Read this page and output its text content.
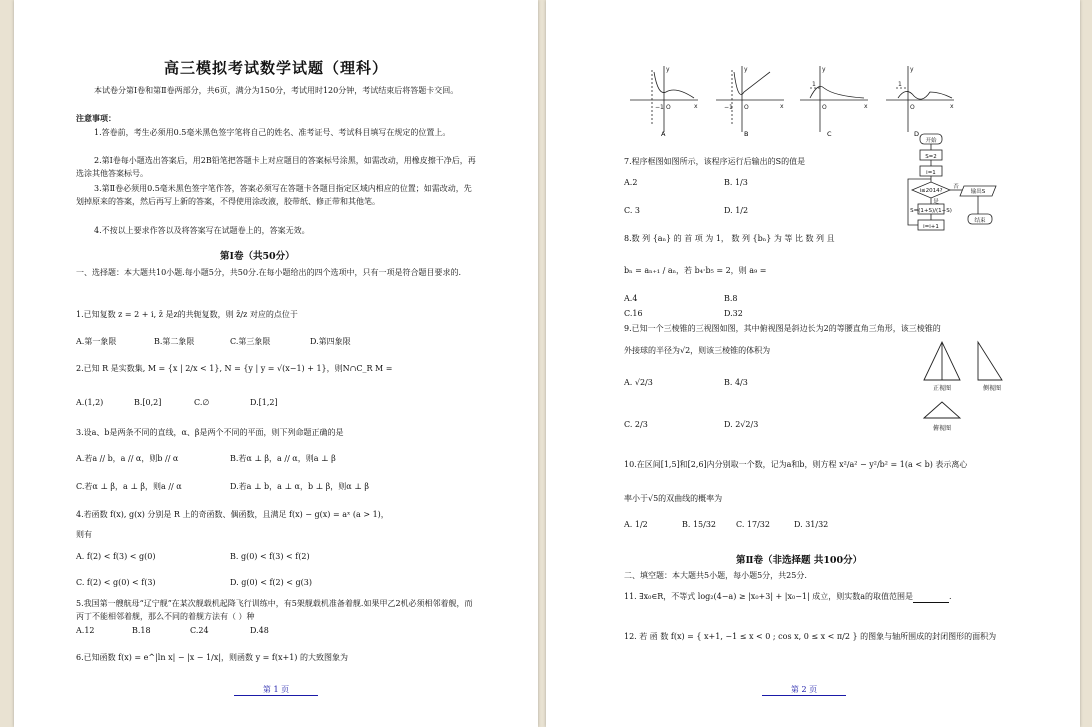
高三模拟考试数学试题（理科）
本试卷分第Ⅰ卷和第Ⅱ卷两部分，共6页，满分为150分，考试用时120分钟，考试结束后将答题卡交回。
注意事项：
1.答卷前，考生必须用0.5毫米黑色签字笔将自己的姓名、准考证号、考试科目填写在规定的位置上。
2.第Ⅰ卷每小题选出答案后，用2B铅笔把答题卡上对应题目的答案标号涂黑，如需改动，用橡皮擦干净后，再选涂其他答案标号。
3.第Ⅱ卷必须用0.5毫米黑色签字笔作答，答案必须写在答题卡各题目指定区域内相应的位置；如需改动，先划掉原来的答案，然后再写上新的答案，不得使用涂改液，胶带纸、修正带和其他笔。
4.不按以上要求作答以及将答案写在试题卷上的，答案无效。
第Ⅰ卷（共50分）
一、选择题：本大题共10小题.每小题5分，共50分.在每小题给出的四个选项中，只有一项是符合题目要求的.
1.已知复数 z = 2 + i, z̄ 是z的共轭复数，则 z̄/z 对应的点位于
A.第一象限	B.第二象限	C.第三象限	D.第四象限
2.已知 R 是实数集, M = {x | 2/x < 1}, N = {y | y = √(x−1) + 1}，则N∩C_R M =
A.(1,2)	B.[0,2]	C.∅	D.[1,2]
3.设a、b是两条不同的直线，α、β是两个不同的平面，则下列命题正确的是
A.若a // b，a // α，则b // α	B.若α ⊥ β，a // α，则a ⊥ β
C.若α ⊥ β，a ⊥ β，则a // α	D.若a ⊥ b，a ⊥ α，b ⊥ β，则α ⊥ β
4.若函数 f(x), g(x) 分别是 R 上的奇函数、偶函数，且满足 f(x) − g(x) = aˣ (a > 1)，
则有
A. f(2) < f(3) < g(0)	B. g(0) < f(3) < f(2)
C. f(2) < g(0) < f(3)	D. g(0) < f(2) < g(3)
5.我国第一艘航母“辽宁舰”在某次舰载机起降飞行训练中，有5架舰载机准备着舰.如果甲乙2机必须相邻着舰，而丙丁不能相邻着舰，那么不同的着舰方法有（ ）种
A.12	B.18	C.24	D.48
6.已知函数 f(x) = e^|ln x| − |x − 1/x|，则函数 y = f(x+1) 的大致图象为
第 1 页
−1 O	x
y
−1 O	x
y
1
O	x
y
1
O	x
y
A	B	C	D
7.程序框图如图所示，该程序运行后输出的S的值是
A.2	B. 1/3
C. 3	D. 1/2
开始
S=2
i=1
i≤2014?
是
否
S=(1+S)/(1−S)
输出S
i=i+1
结束
8.数 列 {aₙ} 的 首 项 为 1， 数 列 {bₙ} 为 等 比 数 列 且
bₙ = aₙ₊₁ / aₙ，若 b₄·b₅ = 2，则 a₉ =
A.4	B.8
C.16	D.32
9.已知一个三棱锥的三视图如图，其中俯视图是斜边长为2的等腰直角三角形，该三棱锥的
外接球的半径为√2，则该三棱锥的体积为
A. √2/3	B. 4/3
C. 2/3	D. 2√2/3
正视图	侧视图
俯视图
10.在区间[1,5]和[2,6]内分别取一个数，记为a和b，则方程 x²/a² − y²/b² = 1(a < b) 表示离心
率小于√5的双曲线的概率为
A. 1/2	B. 15/32 C. 17/32	D. 31/32
第Ⅱ卷（非选择题 共100分）
二、填空题：本大题共5小题，每小题5分，共25分.
11. ∃x₀∈R，不等式 log₂(4−a) ≥ |x₀+3| + |x₀−1| 成立，则实数a的取值范围是	.
12. 若 函 数 f(x) = { x+1, −1 ≤ x < 0 ; cos x, 0 ≤ x < π/2 } 的图象与轴所围成的封闭图形的面积为
第 2 页
